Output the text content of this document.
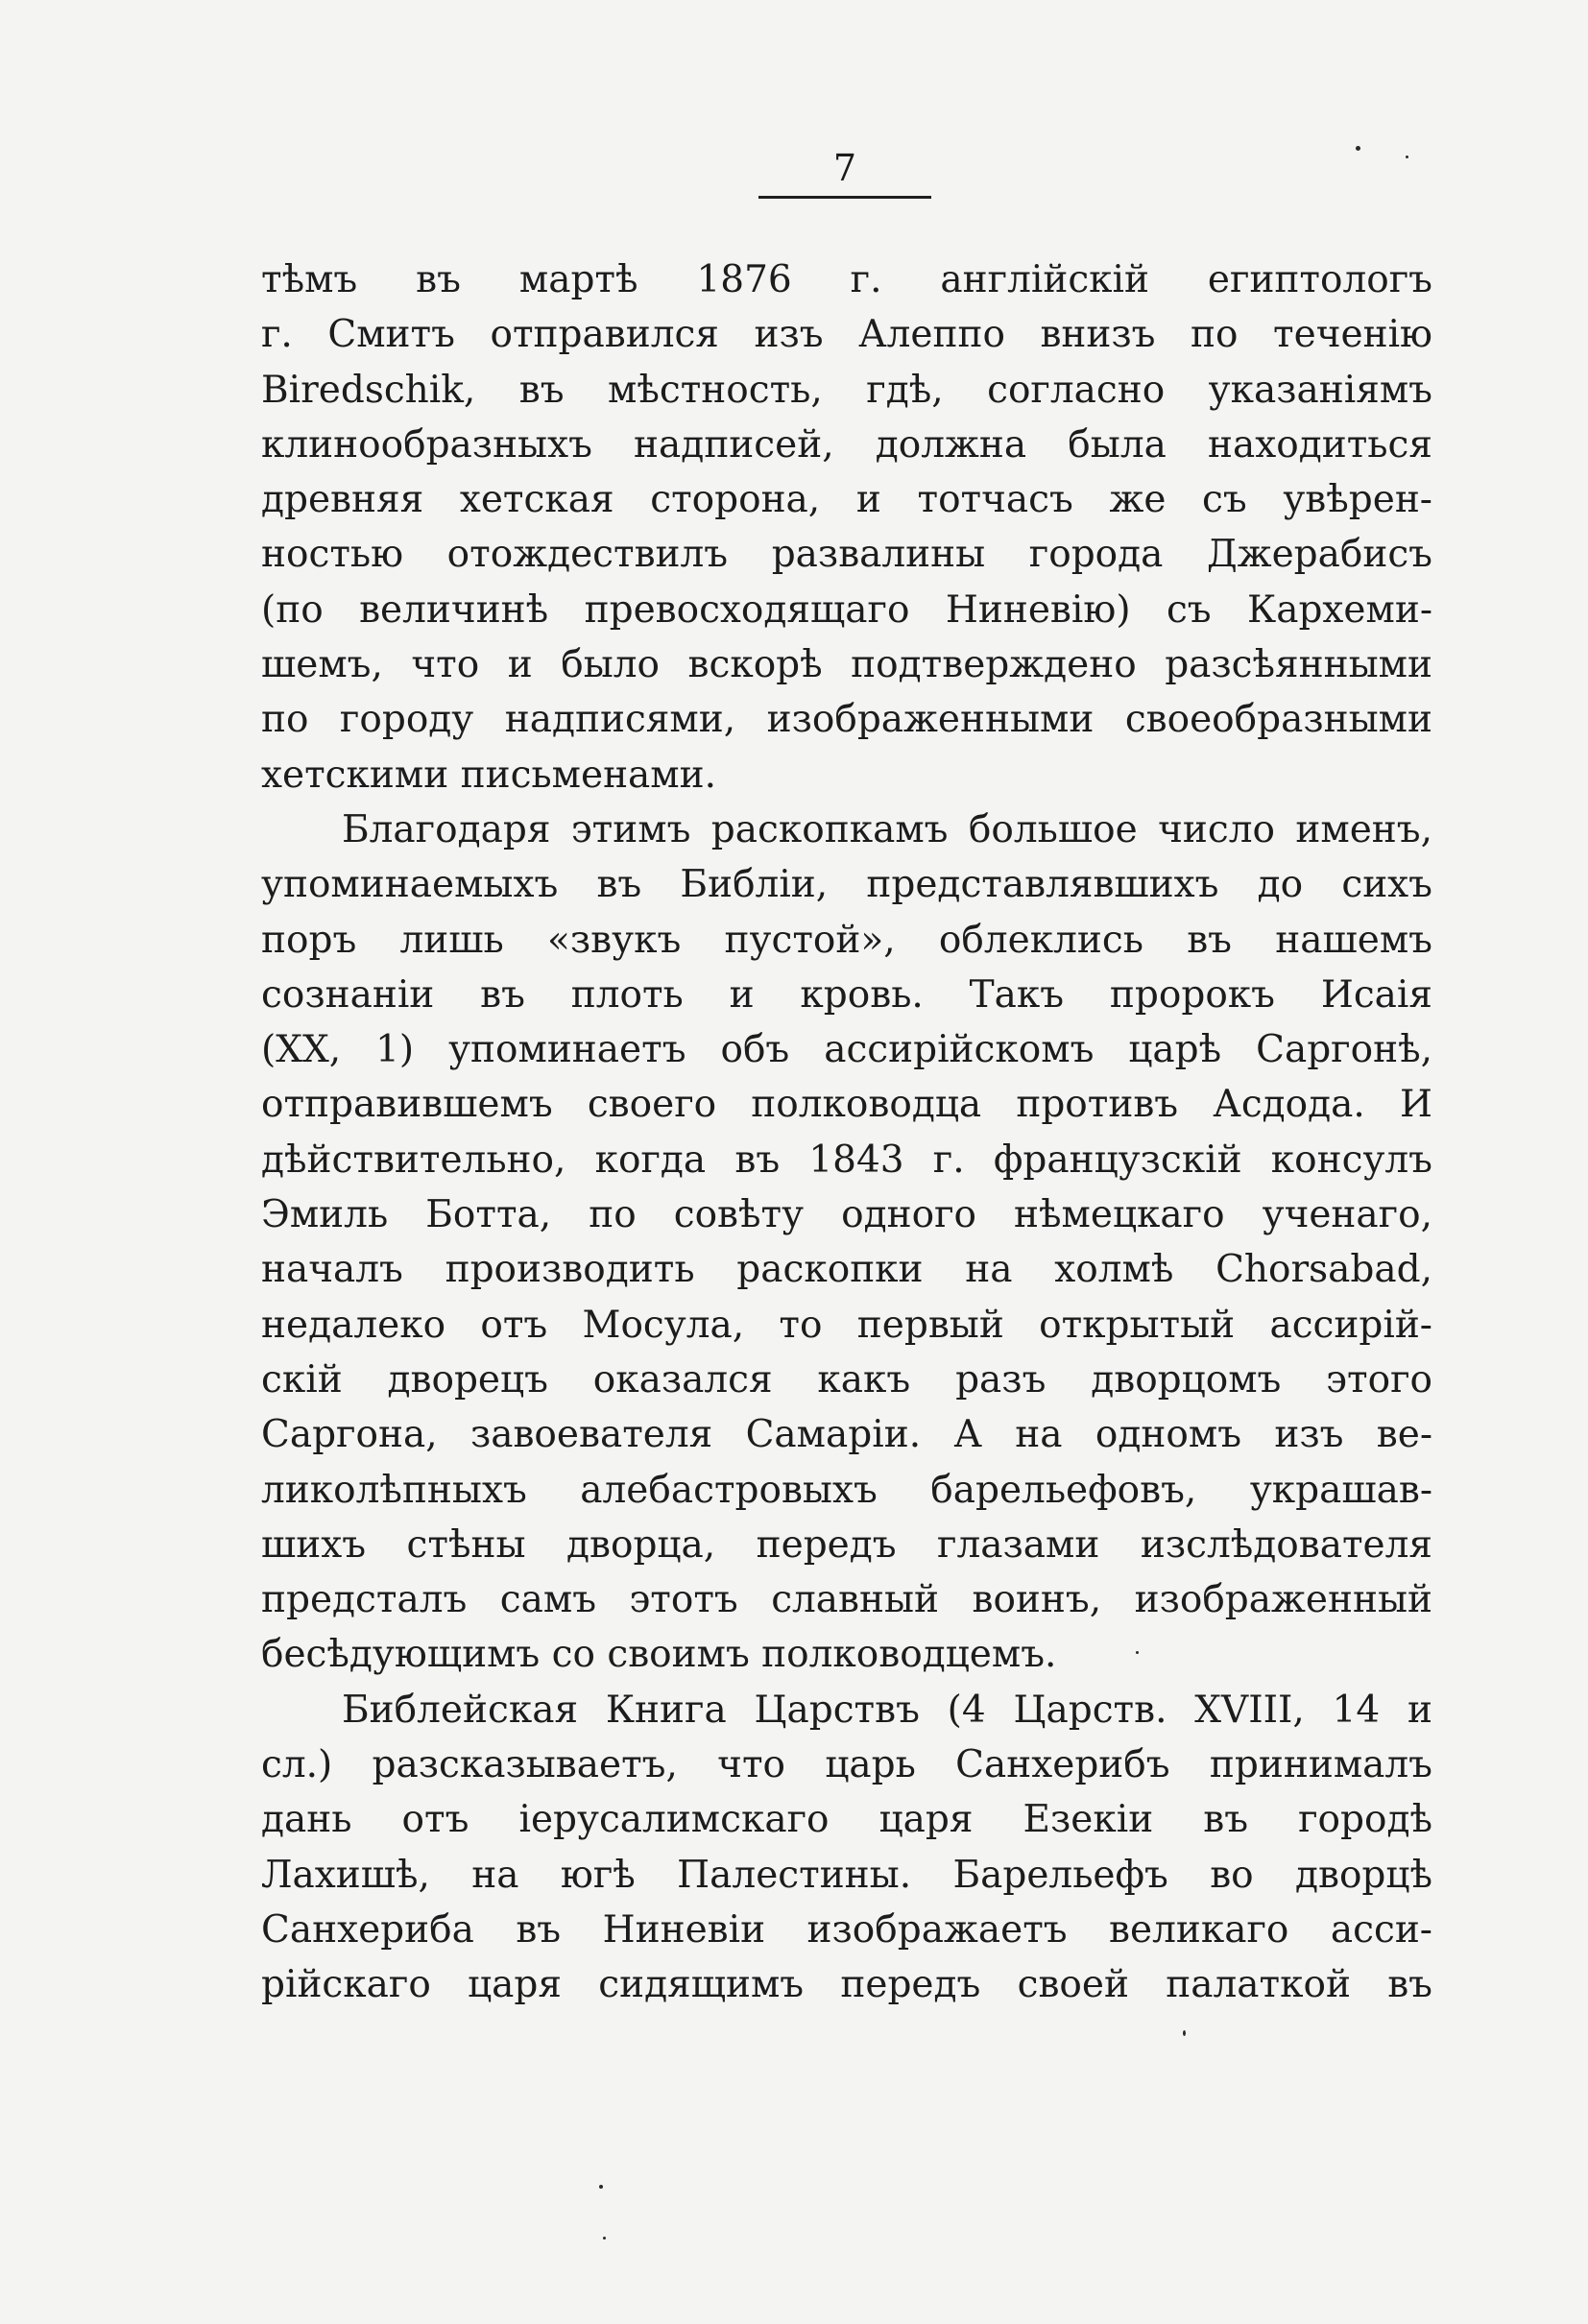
7

тѣмъ въ мартѣ 1876 г. англійскій египтологъ
г. Смитъ отправился изъ Алеппо внизъ по теченію
Biredschik, въ мѣстность, гдѣ, согласно указаніямъ
клинообразныхъ надписей, должна была находиться
древняя хетская сторона, и тотчасъ же съ увѣрен-
ностью отождествилъ развалины города Джерабисъ
(по величинѣ превосходящаго Ниневію) съ Кархеми-
шемъ, что и было вскорѣ подтверждено разсѣянными
по городу надписями, изображенными своеобразными
хетскими письменами.

Благодаря этимъ раскопкамъ большое число именъ,
упоминаемыхъ въ Библіи, представлявшихъ до сихъ
поръ лишь «звукъ пустой», облеклись въ нашемъ
сознаніи въ плоть и кровь. Такъ пророкъ Исаія
(XX, 1) упоминаетъ объ ассирійскомъ царѣ Саргонѣ,
отправившемъ своего полководца противъ Асдода. И
дѣйствительно, когда въ 1843 г. французскій консулъ
Эмиль Ботта, по совѣту одного нѣмецкаго ученаго,
началъ производить раскопки на холмѣ Chorsabad,
недалеко отъ Мосула, то первый открытый ассирій-
скій дворецъ оказался какъ разъ дворцомъ этого
Саргона, завоевателя Самаріи. А на одномъ изъ ве-
ликолѣпныхъ алебастровыхъ барельефовъ, украшав-
шихъ стѣны дворца, передъ глазами изслѣдователя
предсталъ самъ этотъ славный воинъ, изображенный
бесѣдующимъ со своимъ полководцемъ.

Библейская Книга Царствъ (4 Царств. XVIII, 14 и
сл.) разсказываетъ, что царь Санхерибъ принималъ
дань отъ іерусалимскаго царя Езекіи въ городѣ
Лахишѣ, на югѣ Палестины. Барельефъ во дворцѣ
Санхериба въ Ниневіи изображаетъ великаго асси-
рійскаго царя сидящимъ передъ своей палаткой въ
